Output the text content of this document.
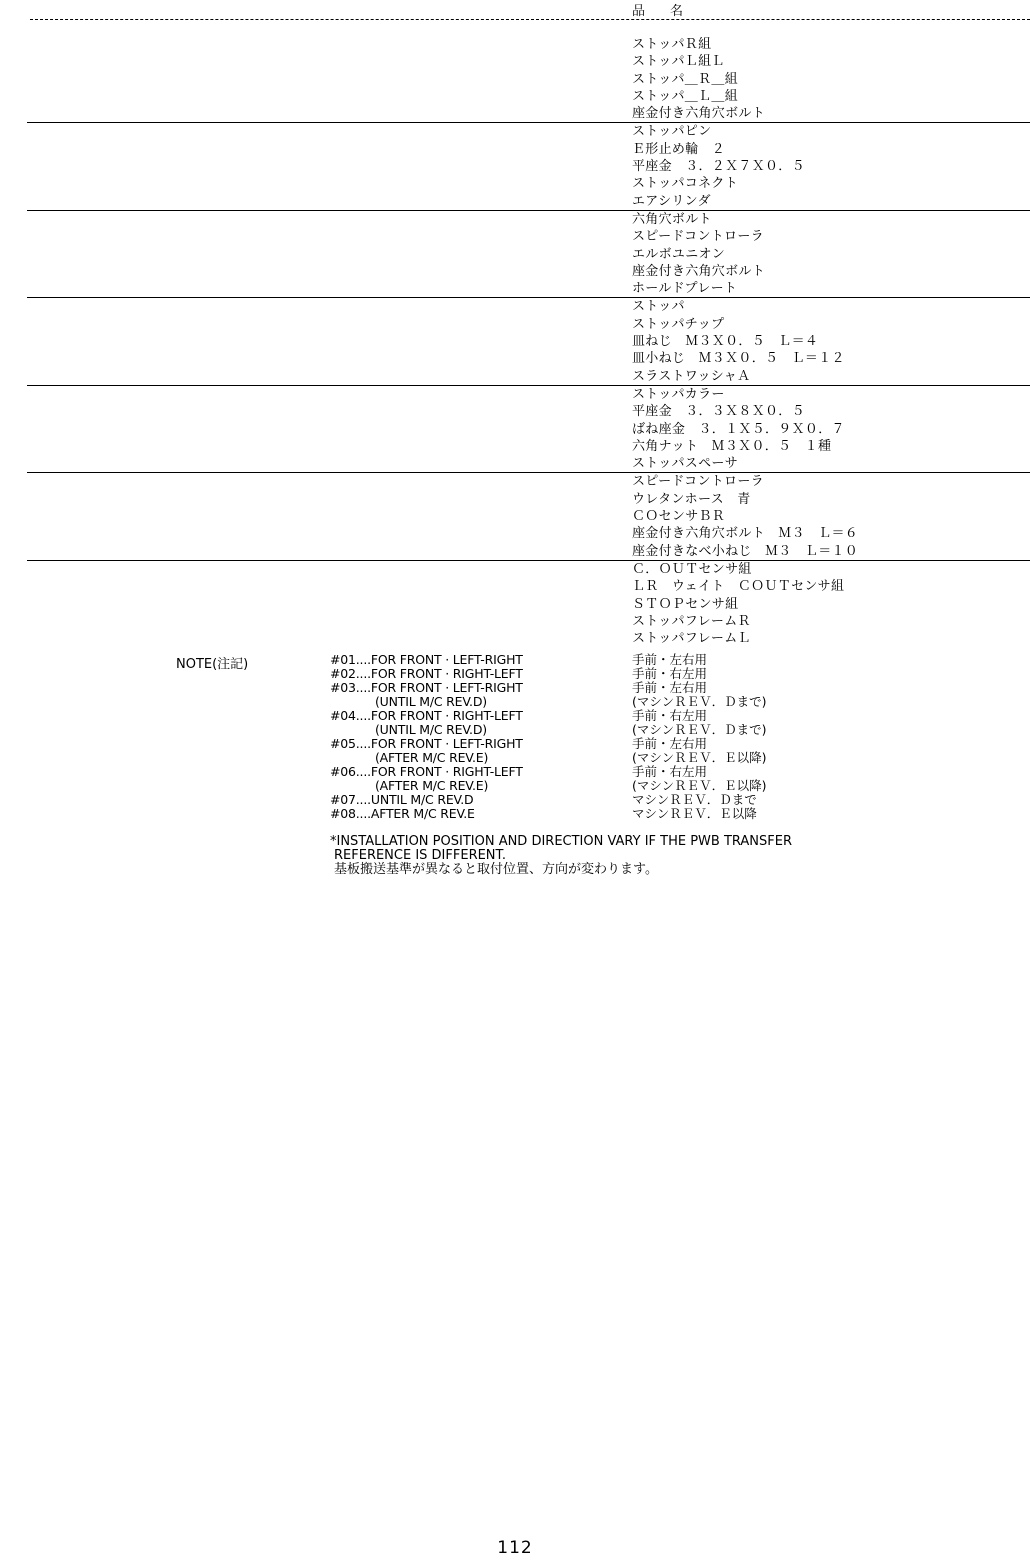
品　名
ストッパＲ組
ストッパＬ組Ｌ
ストッパ＿Ｒ＿組
ストッパ＿Ｌ＿組
座金付き六角穴ボルト
ストッパピン
Ｅ形止め輪　２
平座金　３．２Ｘ７Ｘ０．５
ストッパコネクト
エアシリンダ
六角穴ボルト
スピードコントローラ
エルボユニオン
座金付き六角穴ボルト
ホールドプレート
ストッパ
ストッパチップ
皿ねじ　Ｍ３Ｘ０．５　Ｌ＝４
皿小ねじ　Ｍ３Ｘ０．５　Ｌ＝１２
スラストワッシャＡ
ストッパカラー
平座金　３．３Ｘ８Ｘ０．５
ばね座金　３．１Ｘ５．９Ｘ０．７
六角ナット　Ｍ３Ｘ０．５　１種
ストッパスペーサ
スピードコントローラ
ウレタンホース　青
ＣＯセンサＢＲ
座金付き六角穴ボルト　Ｍ３　Ｌ＝６
座金付きなべ小ねじ　Ｍ３　Ｌ＝１０
Ｃ．ＯＵＴセンサ組
ＬＲ　ウェイト　ＣＯＵＴセンサ組
ＳＴＯＰセンサ組
ストッパフレームＲ
ストッパフレームＬ
NOTE(注記)	#01....FOR FRONT · LEFT-RIGHT	手前・左右用
#02....FOR FRONT · RIGHT-LEFT	手前・右左用
#03....FOR FRONT · LEFT-RIGHT	手前・左右用
(UNTIL M/C REV.D)	(マシンＲＥＶ．Ｄまで)
#04....FOR FRONT · RIGHT-LEFT	手前・右左用
(UNTIL M/C REV.D)	(マシンＲＥＶ．Ｄまで)
#05....FOR FRONT · LEFT-RIGHT	手前・左右用
(AFTER M/C REV.E)	(マシンＲＥＶ．Ｅ以降)
#06....FOR FRONT · RIGHT-LEFT	手前・右左用
(AFTER M/C REV.E)	(マシンＲＥＶ．Ｅ以降)
#07....UNTIL M/C REV.D	マシンＲＥＶ．Ｄまで
#08....AFTER M/C REV.E	マシンＲＥＶ．Ｅ以降
*INSTALLATION POSITION AND DIRECTION VARY IF THE PWB TRANSFER
REFERENCE IS DIFFERENT.
基板搬送基準が異なると取付位置、方向が変わります。
112
